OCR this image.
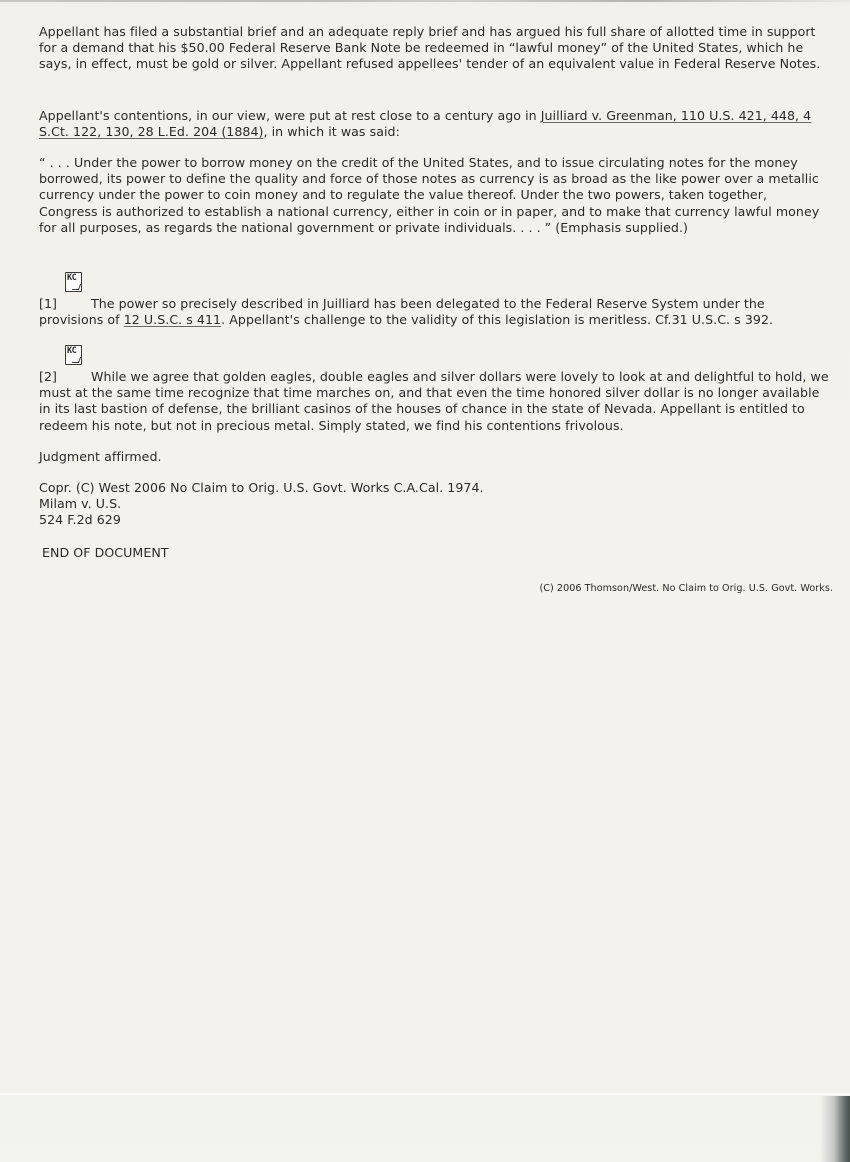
Appellant has filed a substantial brief and an adequate reply brief and has argued his full share of allotted time in support for a demand that his $50.00 Federal Reserve Bank Note be redeemed in “lawful money” of the United States, which he says, in effect, must be gold or silver. Appellant refused appellees' tender of an equivalent value in Federal Reserve Notes.

Appellant's contentions, in our view, were put at rest close to a century ago in Juilliard v. Greenman, 110 U.S. 421, 448, 4 S.Ct. 122, 130, 28 L.Ed. 204 (1884), in which it was said:

“ . . . Under the power to borrow money on the credit of the United States, and to issue circulating notes for the money borrowed, its power to define the quality and force of those notes as currency is as broad as the like power over a metallic currency under the power to coin money and to regulate the value thereof. Under the two powers, taken together, Congress is authorized to establish a national currency, either in coin or in paper, and to make that currency lawful money for all purposes, as regards the national government or private individuals. . . . ” (Emphasis supplied.)

[1]
KC
The power so precisely described in Juilliard has been delegated to the Federal Reserve System under the provisions of 12 U.S.C. s 411. Appellant's challenge to the validity of this legislation is meritless. Cf.31 U.S.C. s 392.

[2]
KC
While we agree that golden eagles, double eagles and silver dollars were lovely to look at and delightful to hold, we must at the same time recognize that time marches on, and that even the time honored silver dollar is no longer available in its last bastion of defense, the brilliant casinos of the houses of chance in the state of Nevada. Appellant is entitled to redeem his note, but not in precious metal. Simply stated, we find his contentions frivolous.

Judgment affirmed.

Copr. (C) West 2006 No Claim to Orig. U.S. Govt. Works C.A.Cal. 1974.
Milam v. U.S.
524 F.2d 629

END OF DOCUMENT

(C) 2006 Thomson/West. No Claim to Orig. U.S. Govt. Works.
